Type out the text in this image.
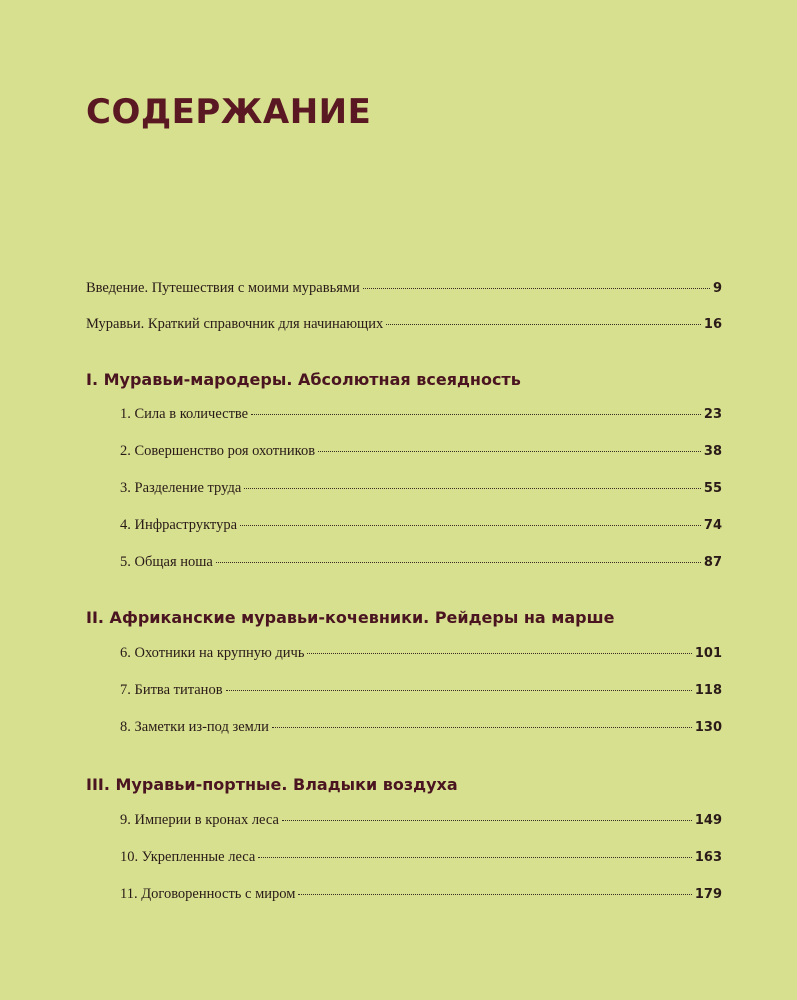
СОДЕРЖАНИЕ
Введение. Путешествия с моими муравьями	9
Муравьи. Краткий справочник для начинающих	16
I. Муравьи-мародеры. Абсолютная всеядность
1. Сила в количестве	23
2. Совершенство роя охотников	38
3. Разделение труда	55
4. Инфраструктура	74
5. Общая ноша	87
II. Африканские муравьи-кочевники. Рейдеры на марше
6. Охотники на крупную дичь	101
7. Битва титанов	118
8. Заметки из-под земли	130
III. Муравьи-портные. Владыки воздуха
9. Империи в кронах леса	149
10. Укрепленные леса	163
11. Договоренность с миром	179
